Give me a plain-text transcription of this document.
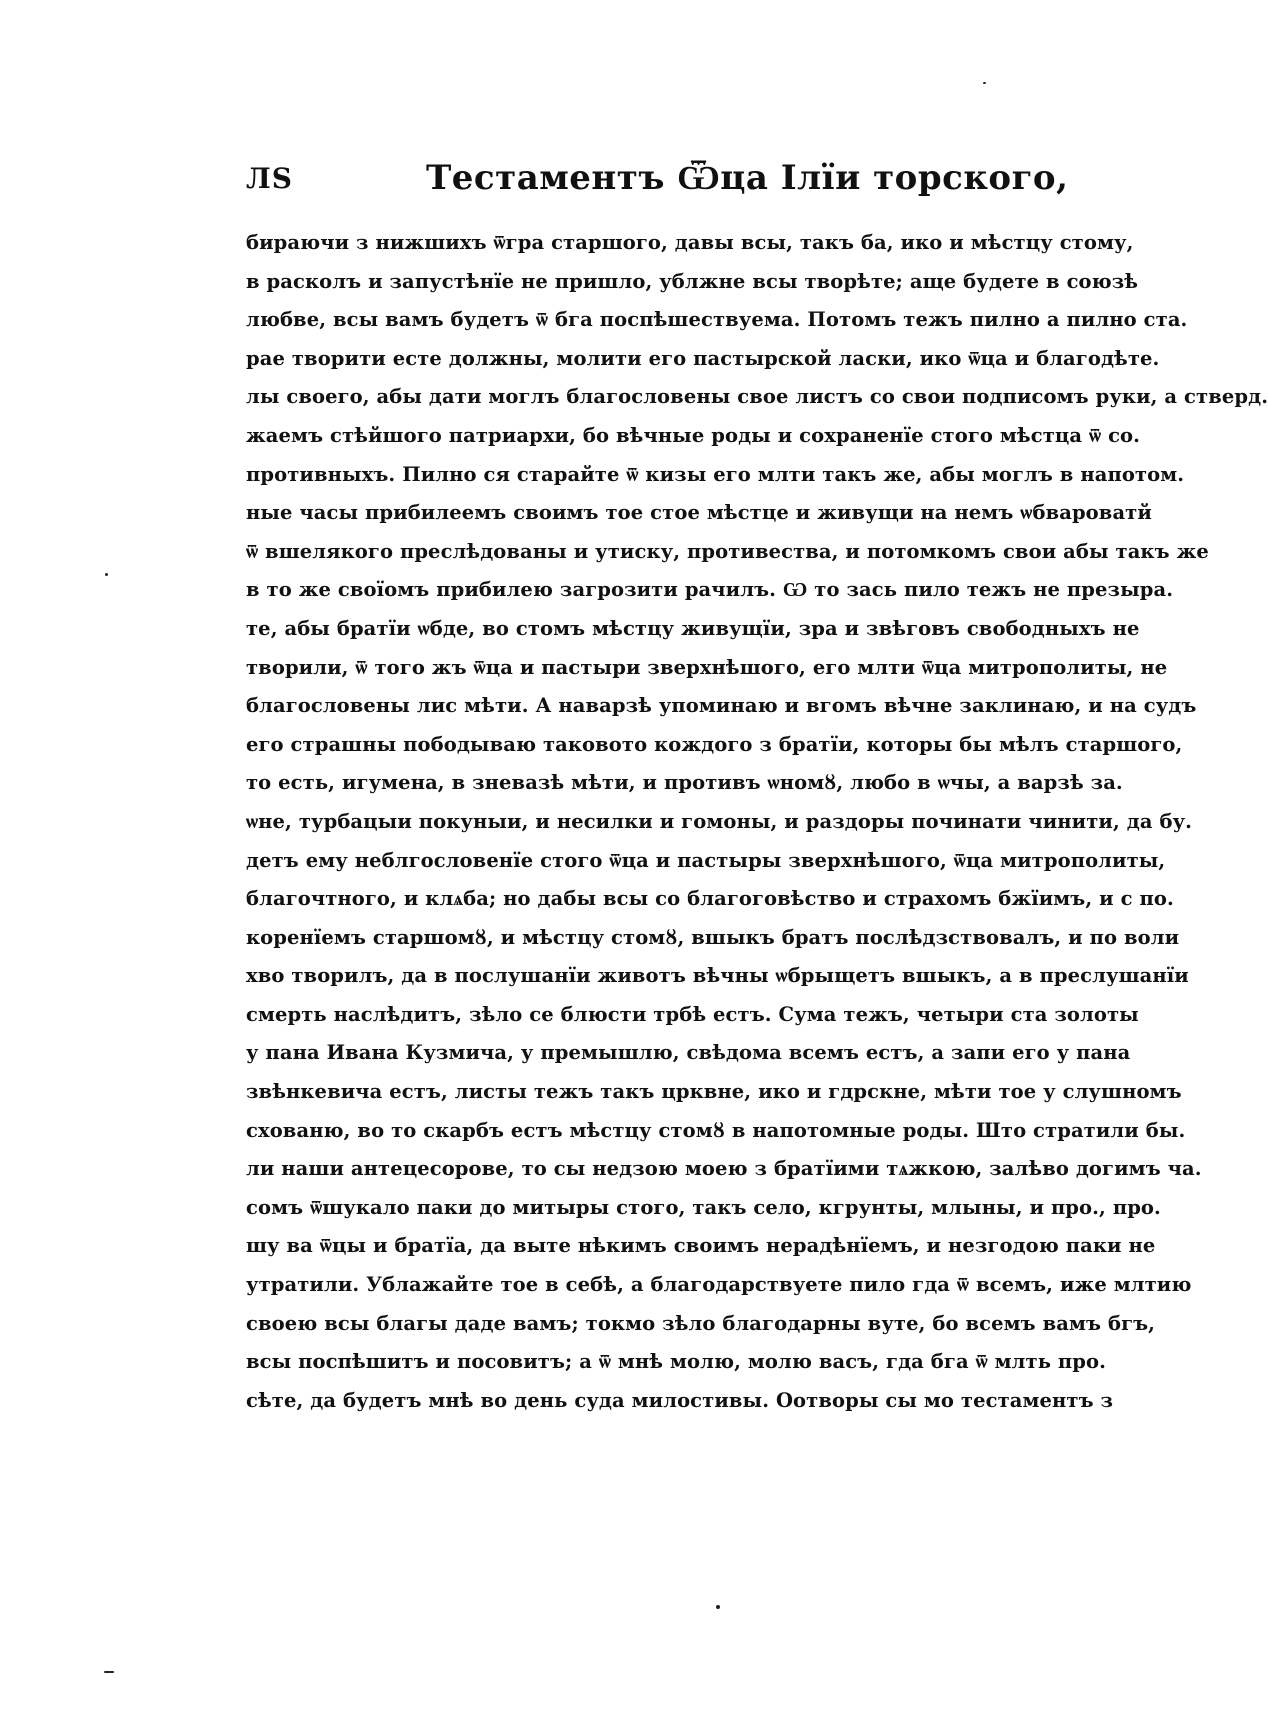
ЛS	Тестаментъ Ѿца Ілїи торского,
бираючи з нижшихъ ѿгра старшого, давы всы, такъ ба, ико и мѣстцу стому,
в расколъ и запустѣнїе не пришло, ублжне всы творѣте; аще будете в союзѣ
любве, всы вамъ будетъ ѿ бга поспѣшествуема. Потомъ тежъ пилно а пилно ста.
рае творити есте должны, молити его пастырской ласки, ико ѿца и благодѣте.
лы своего, абы дати моглъ благословены свое листъ со свои подписомъ руки, а стверд.
жаемъ стѣйшого патриархи, бо вѣчные роды и сохраненїе стого мѣстца ѿ со.
противныхъ. Пилно ся старайте ѿ кизы его млти такъ же, абы моглъ в напотом.
ные часы прибилеемъ своимъ тое стое мѣстце и живущи на немъ ѡбвароватй
ѿ вшелякого преслѣдованы и утиску, противества, и потомкомъ свои абы такъ же
в то же своїомъ прибилею загрозити рачилъ. Ѡ то зась пило тежъ не презыра.
те, абы братїи ѡбде, во стомъ мѣстцу живущїи, зра и звѣговъ свободныхъ не
творили, ѿ того жъ ѿца и пастыри зверхнѣшого, его млти ѿца митрополиты, не
благословены лис мѣти. А наварзѣ упоминаю и вгомъ вѣчне заклинаю, и на судъ
его страшны пободываю таковото кождого з братїи, которы бы мѣлъ старшого,
то есть, игумена, в зневазѣ мѣти, и противъ ѡномȣ, любо в ѡчы, а варзѣ за.
ѡне, турбацыи покуныи, и несилки и гомоны, и раздоры починати чинити, да бу.
детъ ему неблгословенїе стого ѿца и пастыры зверхнѣшого, ѿца митрополиты,
благочтного, и клѧба; но дабы всы со благоговѣство и страхомъ бжїимъ, и с по.
коренїемъ старшомȣ, и мѣстцу стомȣ, вшыкъ братъ послѣдзствовалъ, и по воли
хво творилъ, да в послушанїи животъ вѣчны ѡбрыщетъ вшыкъ, а в преслушанїи
смерть наслѣдитъ, зѣло се блюсти трбѣ естъ. Сума тежъ, четыри ста золоты
у пана Ивана Кузмича, у премышлю, свѣдома всемъ естъ, а запи его у пана
звѣнкевича естъ, листы тежъ такъ црквне, ико и гдрскне, мѣти тое у слушномъ
схованю, во то скарбъ естъ мѣстцу стомȣ в напотомные роды. Што стратили бы.
ли наши антецесорове, то сы недзою моею з братїими тѧжкою, залѣво догимъ ча.
сомъ ѿшукало паки до митыры стого, такъ село, кгрунты, млыны, и про., про.
шу ва ѿцы и братїа, да выте нѣкимъ своимъ нерадѣнїемъ, и незгодою паки не
утратили. Ублажайте тое в себѣ, а благодарствуете пило гда ѿ всемъ, иже млтию
своею всы благы даде вамъ; токмо зѣло благодарны вуте, бо всемъ вамъ бгъ,
всы поспѣшитъ и посовитъ; а ѿ мнѣ молю, молю васъ, гда бга ѿ млть про.
сѣте, да будетъ мнѣ во день суда милостивы. Оотворы сы мо тестаментъ з
